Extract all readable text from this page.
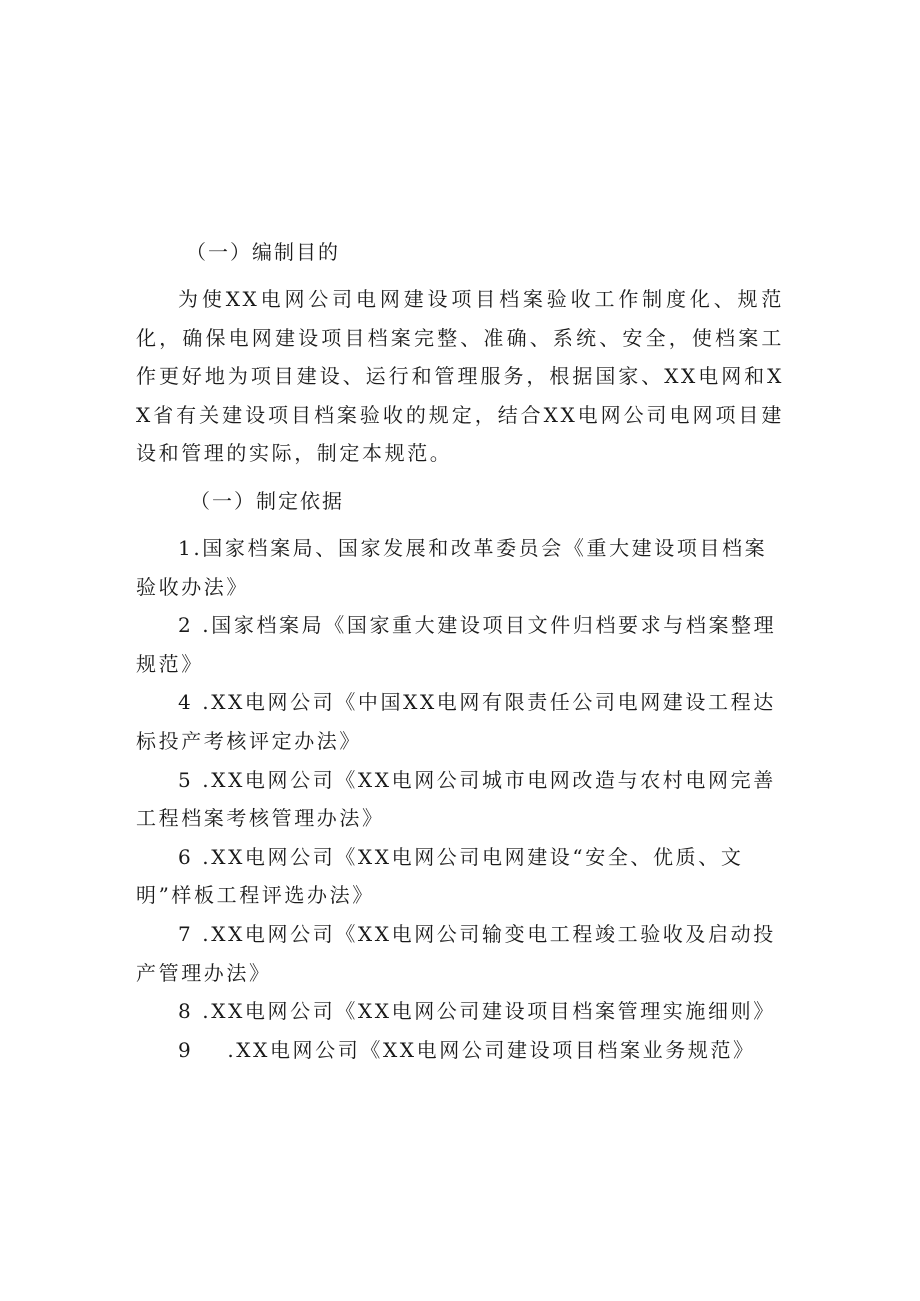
（一）编制目的

为使XX电网公司电网建设项目档案验收工作制度化、规范化，确保电网建设项目档案完整、准确、系统、安全，使档案工作更好地为项目建设、运行和管理服务，根据国家、XX电网和XX省有关建设项目档案验收的规定，结合XX电网公司电网项目建设和管理的实际，制定本规范。

（一）制定依据

1.国家档案局、国家发展和改革委员会《重大建设项目档案验收办法》

2 .国家档案局《国家重大建设项目文件归档要求与档案整理规范》

4 .XX电网公司《中国XX电网有限责任公司电网建设工程达标投产考核评定办法》

5 .XX电网公司《XX电网公司城市电网改造与农村电网完善工程档案考核管理办法》

6 .XX电网公司《XX电网公司电网建设“安全、优质、文明”样板工程评选办法》

7 .XX电网公司《XX电网公司输变电工程竣工验收及启动投产管理办法》

8 .XX电网公司《XX电网公司建设项目档案管理实施细则》

9 .XX电网公司《XX电网公司建设项目档案业务规范》
